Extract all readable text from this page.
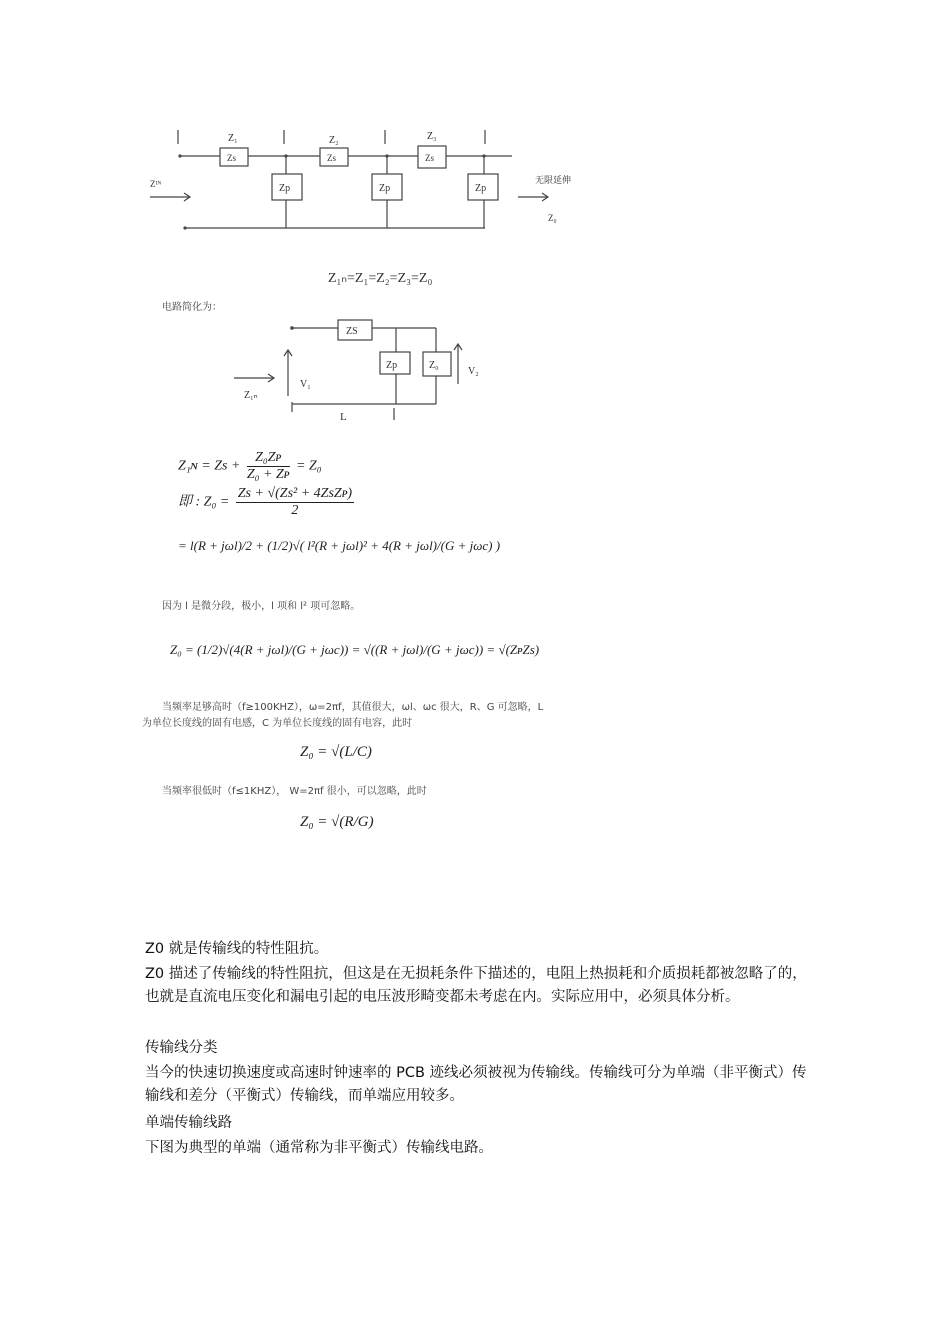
Z₁	Z₂	Z₃
Zs	Zs	Zs
Zp	Zp	Zp
Zᴵᴺ	无限延伸
Z₀
Z₁ₙ=Z₁=Z₂=Z₃=Z₀
电路简化为：
ZS
Zp	Z₀
Z₁ₙ
V₁
V₂
L
Z₁ɴ = $Zs + \frac{\text{Z₀Zᴘ}}{\text{Z₀ + Zᴘ}} = Z_0$
即 : Z₀ =
Zs + √(Zs² + 4ZsZᴘ)
2
= l(R + jωl)/2 + (1/2)√( l²(R + jωl)² + 4(R + jωl)/(G + jωc) )
因为 l 是微分段，极小，l 项和 l² 项可忽略。
Z₀ = (1/2)√(4(R + jωl)/(G + jωc)) = √((R + jωl)/(G + jωc)) = √(ZᴘZs)
当频率足够高时（f≥100KHZ），ω=2πf，其值很大，ωl、ωc 很大，R、G 可忽略，L
为单位长度线的固有电感，C 为单位长度线的固有电容，此时
Z₀ = √(L/C)
当频率很低时（f≤1KHZ）， W=2πf 很小，可以忽略，此时
Z₀ = √(R/G)
Z0 就是传输线的特性阻抗。
Z0 描述了传输线的特性阻抗，但这是在无损耗条件下描述的，电阻上热损耗和介质损耗都被忽略了的，也就是直流电压变化和漏电引起的电压波形畸变都未考虑在内。实际应用中，必须具体分析。
传输线分类
当今的快速切换速度或高速时钟速率的 PCB 迹线必须被视为传输线。传输线可分为单端（非平衡式）传输线和差分（平衡式）传输线，而单端应用较多。
单端传输线路
下图为典型的单端（通常称为非平衡式）传输线电路。
